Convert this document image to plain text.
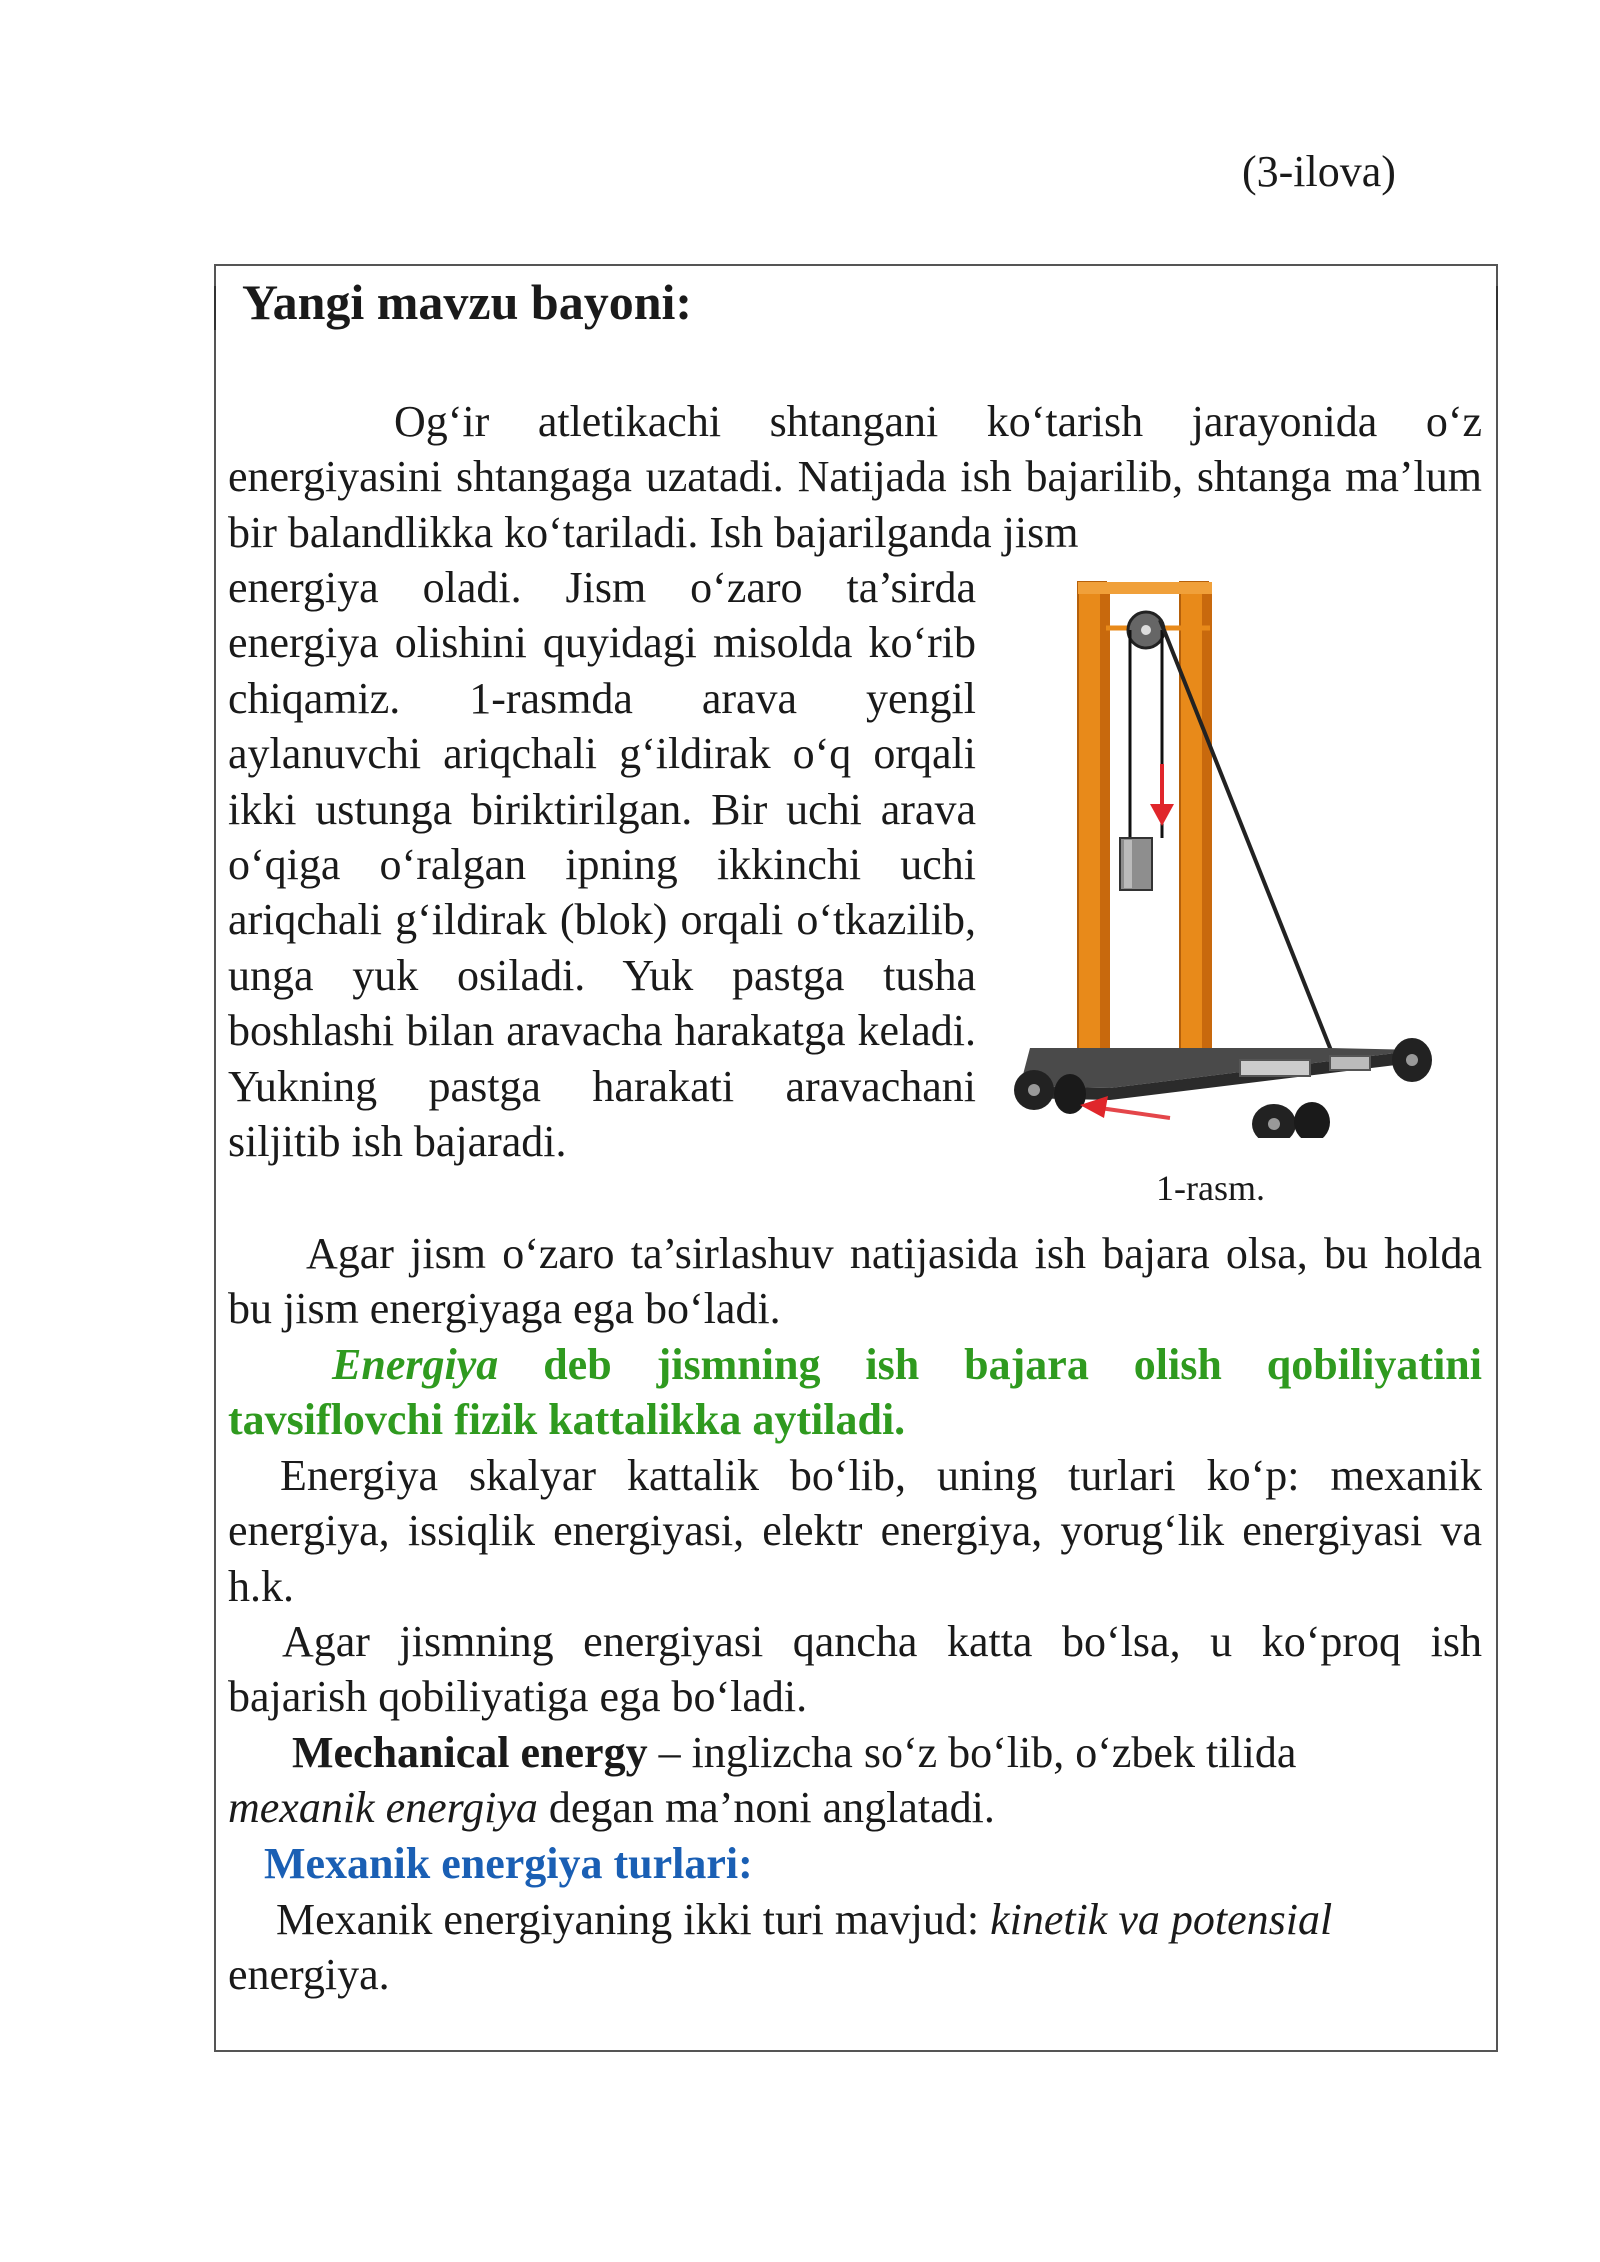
(3-ilova)
Yangi mavzu bayoni:

Og‘ir atletikachi shtangani ko‘tarish jarayonida o‘z energiyasini shtangaga uzatadi. Natijada ish bajarilib, shtanga ma’lum bir balandlikka ko‘tariladi. Ish bajarilganda jism

energiya oladi. Jism o‘zaro ta’sirda energiya olishini quyidagi misolda ko‘rib chiqamiz. 1-rasmda arava yengil aylanuvchi ariqchali g‘ildirak o‘q orqali ikki ustunga biriktirilgan. Bir uchi arava o‘qiga o‘ralgan ipning ikkinchi uchi ariqchali g‘ildirak (blok) orqali o‘tkazilib, unga yuk osiladi. Yuk pastga tusha boshlashi bilan aravacha harakatga keladi. Yukning pastga harakati aravachani siljitib ish bajaradi.

1-rasm.

Agar jism o‘zaro ta’sirlashuv natijasida ish bajara olsa, bu holda bu jism energiyaga ega bo‘ladi.

Energiya deb jismning ish bajara olish qobiliyatini tavsiflovchi fizik kattalikka aytiladi.

Energiya skalyar kattalik bo‘lib, uning turlari ko‘p: mexanik energiya, issiqlik energiyasi, elektr energiya, yorug‘lik energiyasi va h.k.

Agar jismning energiyasi qancha katta bo‘lsa, u ko‘proq ish bajarish qobiliyatiga ega bo‘ladi.

Mechanical energy – inglizcha so‘z bo‘lib, o‘zbek tilida
mexanik energiya degan ma’noni anglatadi.

Mexanik energiya turlari:

Mexanik energiyaning ikki turi mavjud: kinetik va potensial
energiya.
